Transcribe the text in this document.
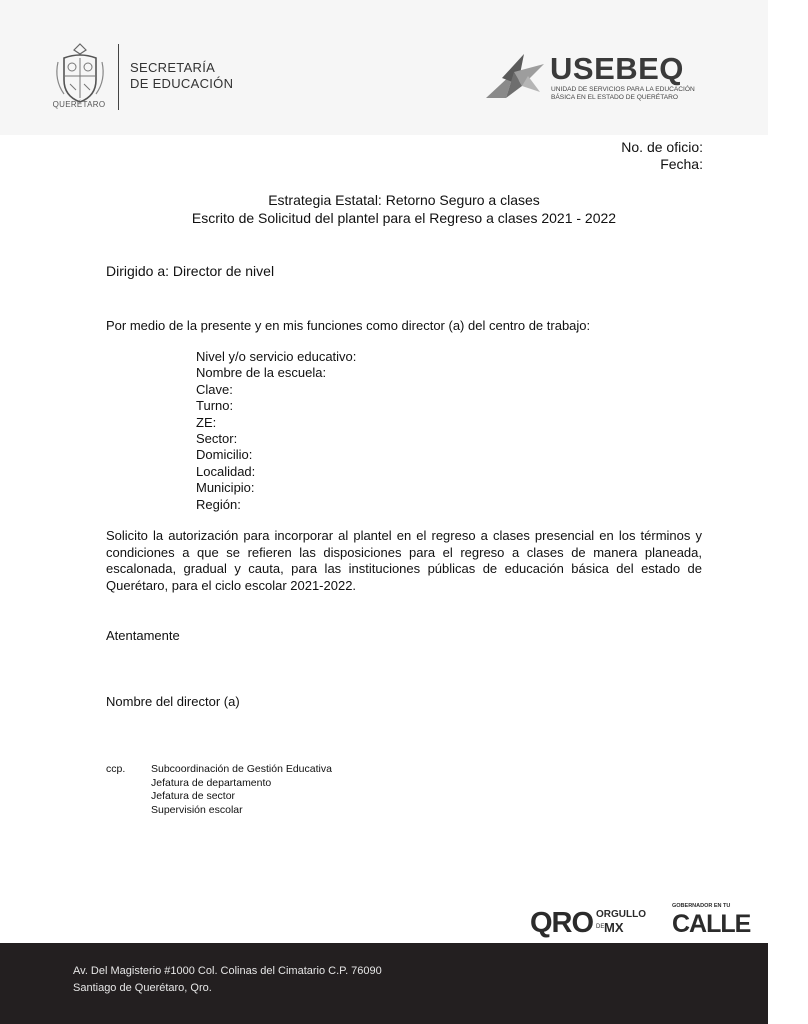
QUERÉTARO
SECRETARÍA
DE EDUCACIÓN	USEBEQ
UNIDAD DE SERVICIOS PARA LA EDUCACIÓN
BÁSICA EN EL ESTADO DE QUERÉTARO
No. de oficio:
Fecha:
Estrategia Estatal: Retorno Seguro a clases
Escrito de Solicitud del plantel para el Regreso a clases 2021 - 2022
Dirigido a: Director de nivel
Por medio de la presente y en mis funciones como director (a) del centro de trabajo:
Nivel y/o servicio educativo:
Nombre de la escuela:
Clave:
Turno:
ZE:
Sector:
Domicilio:
Localidad:
Municipio:
Región:
Solicito la autorización para incorporar al plantel en el regreso a clases presencial en los términos y condiciones a que se refieren las disposiciones para el regreso a clases de manera planeada, escalonada, gradual y cauta, para las instituciones públicas de educación básica del estado de Querétaro, para el ciclo escolar 2021-2022.
Atentamente
Nombre del director (a)
ccp. Subcoordinación de Gestión Educativa
Jefatura de departamento
Jefatura de sector
Supervisión escolar
QRO ORGULLO
DE MX
GOBERNADOR EN TU
CALLE
Av. Del Magisterio #1000 Col. Colinas del Cimatario C.P. 76090
Santiago de Querétaro, Qro.
